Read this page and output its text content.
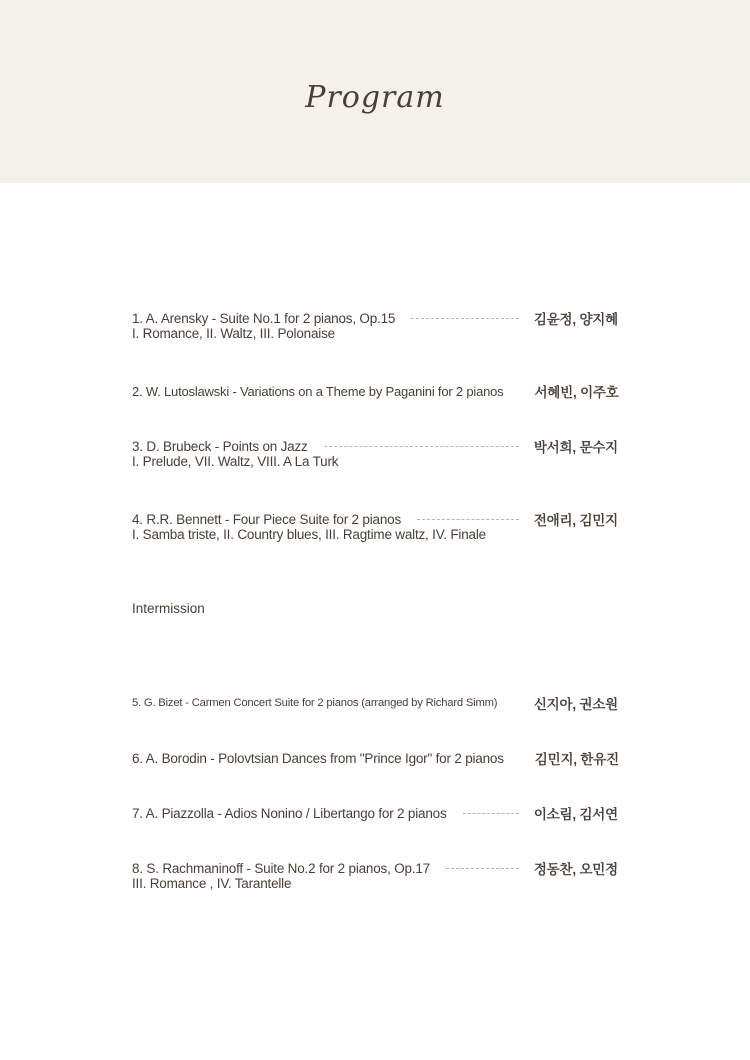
Program
1. A. Arensky - Suite No.1 for 2 pianos, Op.15	김윤정, 양지혜
I. Romance, II. Waltz, III. Polonaise
2. W. Lutoslawski - Variations on a Theme by Paganini for 2 pianos 서혜빈, 이주호
3. D. Brubeck - Points on Jazz	박서희, 문수지
I. Prelude, VII. Waltz, VIII. A La Turk
4. R.R. Bennett - Four Piece Suite for 2 pianos	전애리, 김민지
I. Samba triste, II. Country blues, III. Ragtime waltz, IV. Finale
Intermission
5. G. Bizet - Carmen Concert Suite for 2 pianos (arranged by Richard Simm)	신지아, 권소원
6. A. Borodin - Polovtsian Dances from "Prince Igor" for 2 pianos 김민지, 한유진
7. A. Piazzolla - Adios Nonino / Libertango for 2 pianos	이소림, 김서연
8. S. Rachmaninoff - Suite No.2 for 2 pianos, Op.17	정동찬, 오민정
III. Romance , IV. Tarantelle
